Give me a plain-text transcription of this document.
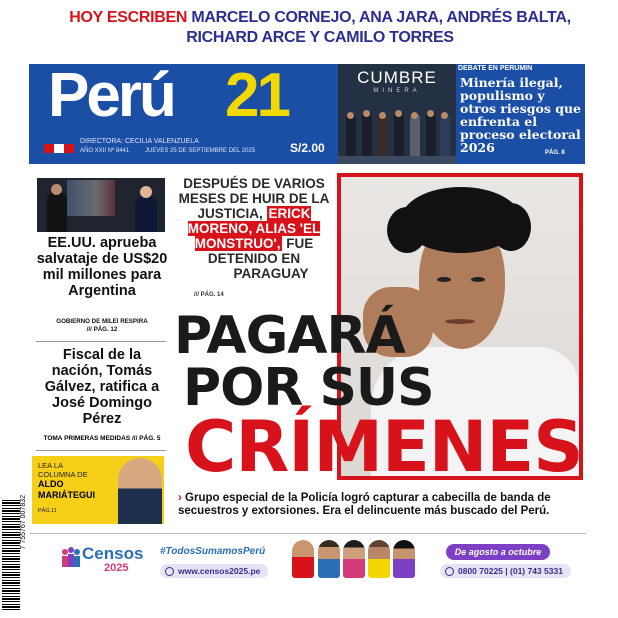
HOY ESCRIBEN MARCELO CORNEJO, ANA JARA, ANDRÉS BALTA, RICHARD ARCE Y CAMILO TORRES
Perú 21
DIRECTORA: CECILIA VALENZUELA
AÑO XXII Nº 8441	JUEVES 25 DE SEPTIEMBRE DEL 2025	S/2.00
CUMBRE
MINERA
DEBATE EN PERUMIN
Minería ilegal, populismo y otros riesgos que enfrenta el proceso electoral 2026	PÁG. 8
EE.UU. aprueba salvataje de US$20 mil millones para Argentina
GOBIERNO DE MILEI RESPIRA
/// PÁG. 12
Fiscal de la nación, Tomás Gálvez, ratifica a José Domingo Pérez
TOMA PRIMERAS MEDIDAS /// PÁG. 5
LEA LA
COLUMNA DE
ALDO
MARIÁTEGUI
PÁG.11
7 755767 007832
DESPUÉS DE VARIOS MESES DE HUIR DE LA JUSTICIA, ERICK MORENO, ALIAS 'EL MONSTRUO', FUE DETENIDO EN
PARAGUAY
/// PÁG. 14
PAGARÁ
POR SUS
CRÍMENES
› Grupo especial de la Policía logró capturar a cabecilla de banda de secuestros y extorsiones. Era el delincuente más buscado del Perú.
Censos
2025
#TodosSumamosPerú
www.censos2025.pe
De agosto a octubre
0800 70225 | (01) 743 5331
